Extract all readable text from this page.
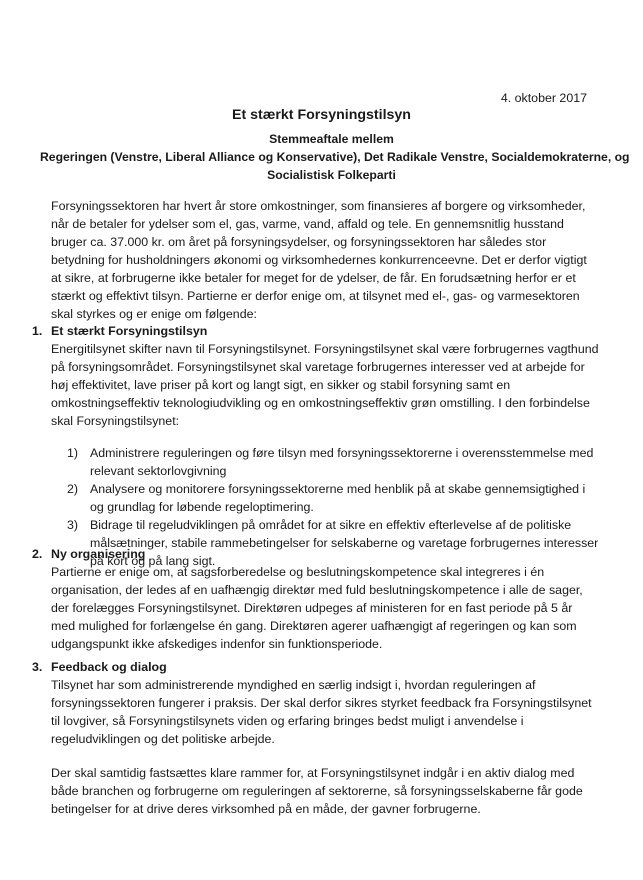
4. oktober 2017
Et stærkt Forsyningstilsyn
Stemmeaftale mellem
Regeringen (Venstre, Liberal Alliance og Konservative), Det Radikale Venstre, Socialdemokraterne, og
Socialistisk Folkeparti

Forsyningssektoren har hvert år store omkostninger, som finansieres af borgere og virksomheder, når de betaler for ydelser som el, gas, varme, vand, affald og tele. En gennemsnitlig husstand bruger ca. 37.000 kr. om året på forsyningsydelser, og forsyningssektoren har således stor betydning for husholdningers økonomi og virksomhedernes konkurrenceevne. Det er derfor vigtigt at sikre, at forbrugerne ikke betaler for meget for de ydelser, de får. En forudsætning herfor er et stærkt og effektivt tilsyn. Partierne er derfor enige om, at tilsynet med el-, gas- og varmesektoren skal styrkes og er enige om følgende:

1. Et stærkt Forsyningstilsyn

Energitilsynet skifter navn til Forsyningstilsynet. Forsyningstilsynet skal være forbrugernes vagthund på forsyningsområdet. Forsyningstilsynet skal varetage forbrugernes interesser ved at arbejde for høj effektivitet, lave priser på kort og langt sigt, en sikker og stabil forsyning samt en omkostningseffektiv teknologiudvikling og en omkostningseffektiv grøn omstilling. I den forbindelse skal Forsyningstilsynet:

1) Administrere reguleringen og føre tilsyn med forsyningssektorerne i overensstemmelse med relevant sektorlovgivning
2) Analysere og monitorere forsyningssektorerne med henblik på at skabe gennemsigtighed i og grundlag for løbende regeloptimering.
3) Bidrage til regeludviklingen på området for at sikre en effektiv efterlevelse af de politiske målsætninger, stabile rammebetingelser for selskaberne og varetage forbrugernes interesser på kort og på lang sigt.
2. Ny organisering

Partierne er enige om, at sagsforberedelse og beslutningskompetence skal integreres i én organisation, der ledes af en uafhængig direktør med fuld beslutningskompetence i alle de sager, der forelægges Forsyningstilsynet. Direktøren udpeges af ministeren for en fast periode på 5 år med mulighed for forlængelse én gang. Direktøren agerer uafhængigt af regeringen og kan som udgangspunkt ikke afskediges indenfor sin funktionsperiode.

3. Feedback og dialog

Tilsynet har som administrerende myndighed en særlig indsigt i, hvordan reguleringen af forsyningssektoren fungerer i praksis. Der skal derfor sikres styrket feedback fra Forsyningstilsynet til lovgiver, så Forsyningstilsynets viden og erfaring bringes bedst muligt i anvendelse i regeludviklingen og det politiske arbejde.

Der skal samtidig fastsættes klare rammer for, at Forsyningstilsynet indgår i en aktiv dialog med både branchen og forbrugerne om reguleringen af sektorerne, så forsyningsselskaberne får gode betingelser for at drive deres virksomhed på en måde, der gavner forbrugerne.
